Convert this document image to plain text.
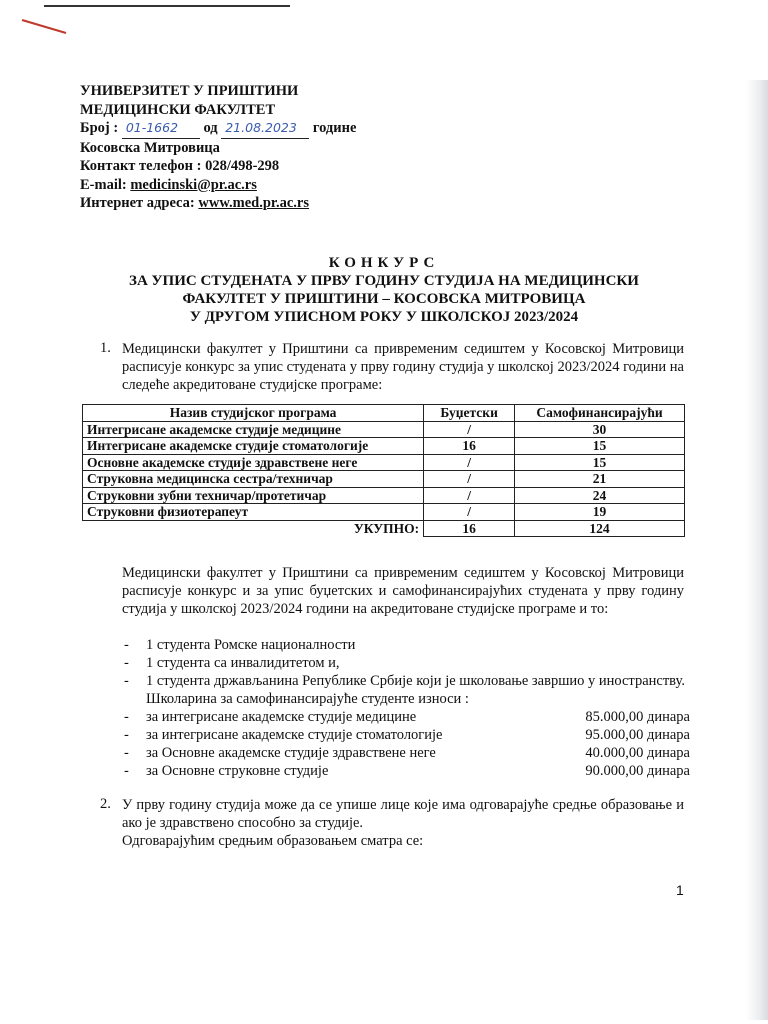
УНИВЕРЗИТЕТ У ПРИШТИНИ
МЕДИЦИНСКИ ФАКУЛТЕТ
Број : 01-1662 од 21.08.2023 године
Косовска Митровица
Контакт телефон : 028/498-298
E-mail: medicinski@pr.ac.rs
Интернет адреса: www.med.pr.ac.rs
КОНКУРС
ЗА УПИС СТУДЕНАТА У ПРВУ ГОДИНУ СТУДИЈА НА МЕДИЦИНСКИ
ФАКУЛТЕТ У ПРИШТИНИ – КОСОВСКА МИТРОВИЦА
У ДРУГОМ УПИСНОМ РОКУ У ШКОЛСКОЈ 2023/2024
1. Медицински факултет у Приштини са привременим седиштем у Косовској Митровици расписује конкурс за упис студената у прву годину студија у школској 2023/2024 години на следеће акредитоване студијске програме:
Назив студијског програма	Буџетски	Самофинансирајући
Интегрисане академске студије медицине	/	30
Интегрисане академске студије стоматологије	16	15
Основне академске студије здравствене неге	/	15
Струковна медицинска сестра/техничар	/	21
Струковни зубни техничар/протетичар	/	24
Струковни физиотерапеут	/	19
УКУПНО:	16	124
Медицински факултет у Приштини са привременим седиштем у Косовској Митровици расписује конкурс и за упис буџетских и самофинансирајућих студената у прву годину студија у школској 2023/2024 години на акредитоване студијске програме и то:
- 1 студента Ромске националности
- 1 студента са инвалидитетом и,
- 1 студента држављанина Републике Србије који је школовање завршио у иностранству.
Школарина за самофинансирајуће студенте износи :
- за интегрисане академске студије медицине	85.000,00 динара
- за интегрисане академске студије стоматологије	95.000,00 динара
- за Основне академске студије здравствене неге	40.000,00 динара
- за Основне струковне студије	90.000,00 динара
2. У прву годину студија може да се упише лице које има одговарајуће средње образовање и ако је здравствено способно за студије.
Одговарајућим средњим образовањем сматра се:
1
